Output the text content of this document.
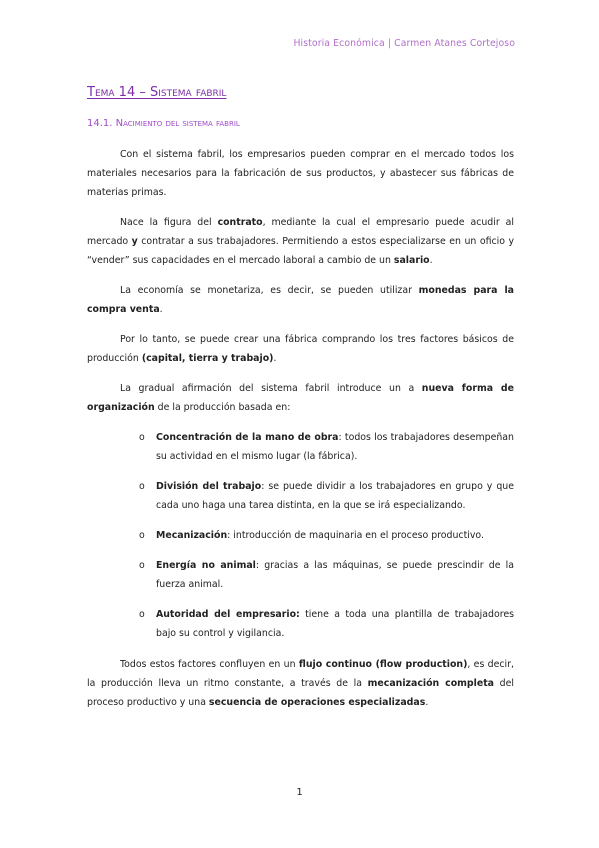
Historia Económica | Carmen Atanes Cortejoso
Tema 14 – Sistema fabril
14.1. Nacimiento del sistema fabril

Con el sistema fabril, los empresarios pueden comprar en el mercado todos los materiales necesarios para la fabricación de sus productos, y abastecer sus fábricas de materias primas.

Nace la figura del contrato, mediante la cual el empresario puede acudir al mercado y contratar a sus trabajadores. Permitiendo a estos especializarse en un oficio y “vender” sus capacidades en el mercado laboral a cambio de un salario.

La economía se monetariza, es decir, se pueden utilizar monedas para la compra venta.

Por lo tanto, se puede crear una fábrica comprando los tres factores básicos de producción (capital, tierra y trabajo).

La gradual afirmación del sistema fabril introduce un a nueva forma de organización de la producción basada en:

o Concentración de la mano de obra: todos los trabajadores desempeñan su actividad en el mismo lugar (la fábrica).
o División del trabajo: se puede dividir a los trabajadores en grupo y que cada uno haga una tarea distinta, en la que se irá especializando.
o Mecanización: introducción de maquinaria en el proceso productivo.
o Energía no animal: gracias a las máquinas, se puede prescindir de la fuerza animal.
o Autoridad del empresario: tiene a toda una plantilla de trabajadores bajo su control y vigilancia.

Todos estos factores confluyen en un flujo continuo (flow production), es decir, la producción lleva un ritmo constante, a través de la mecanización completa del proceso productivo y una secuencia de operaciones especializadas.

1
